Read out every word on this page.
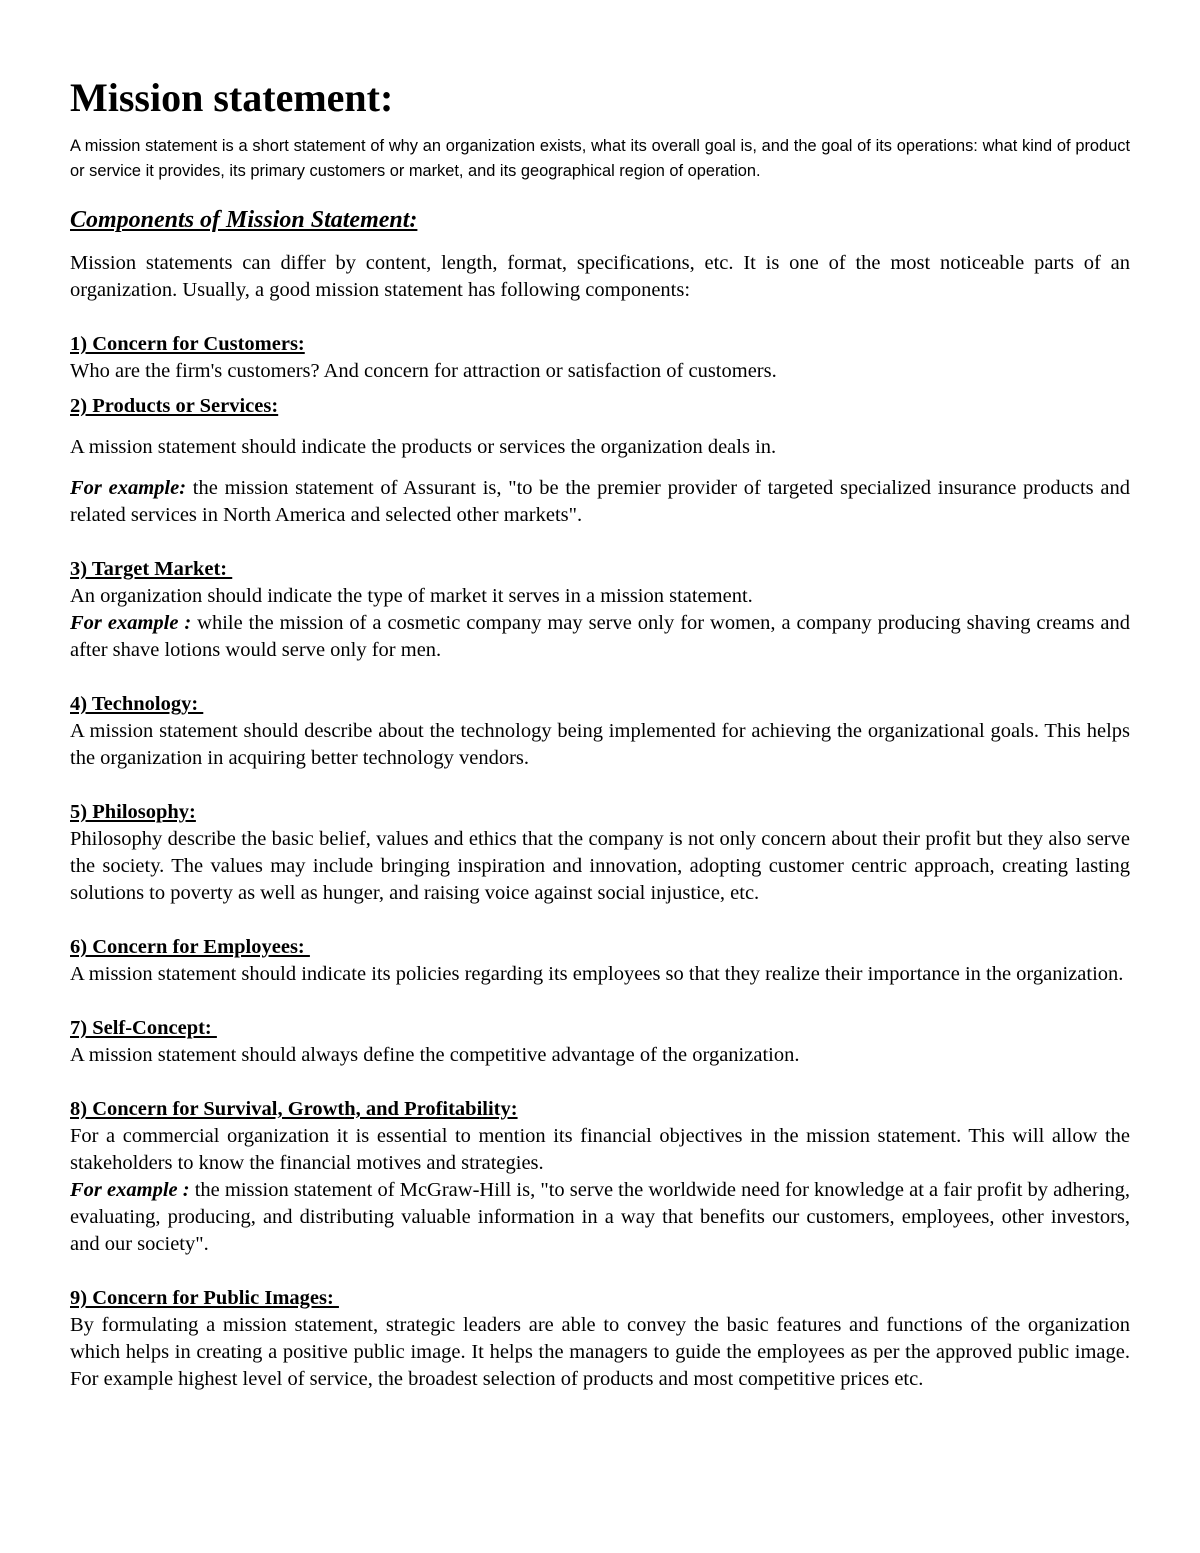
Mission statement:

A mission statement is a short statement of why an organization exists, what its overall goal is, and the goal of its operations: what kind of product or service it provides, its primary customers or market, and its geographical region of operation.

Components of Mission Statement:

Mission statements can differ by content, length, format, specifications, etc. It is one of the most noticeable parts of an organization. Usually, a good mission statement has following components:

1) Concern for Customers:

Who are the firm's customers? And concern for attraction or satisfaction of customers.

2) Products or Services:

A mission statement should indicate the products or services the organization deals in.

For example: the mission statement of Assurant is, "to be the premier provider of targeted specialized insurance products and related services in North America and selected other markets".

3) Target Market:

An organization should indicate the type of market it serves in a mission statement.

For example : while the mission of a cosmetic company may serve only for women, a company producing shaving creams and after shave lotions would serve only for men.

4) Technology:

A mission statement should describe about the technology being implemented for achieving the organizational goals. This helps the organization in acquiring better technology vendors.

5) Philosophy:

Philosophy describe the basic belief, values and ethics that the company is not only concern about their profit but they also serve the society. The values may include bringing inspiration and innovation, adopting customer centric approach, creating lasting solutions to poverty as well as hunger, and raising voice against social injustice, etc.

6) Concern for Employees:

A mission statement should indicate its policies regarding its employees so that they realize their importance in the organization.

7) Self-Concept:

A mission statement should always define the competitive advantage of the organization.

8) Concern for Survival, Growth, and Profitability:

For a commercial organization it is essential to mention its financial objectives in the mission statement. This will allow the stakeholders to know the financial motives and strategies.

For example : the mission statement of McGraw-Hill is, "to serve the worldwide need for knowledge at a fair profit by adhering, evaluating, producing, and distributing valuable information in a way that benefits our customers, employees, other investors, and our society".

9) Concern for Public Images:

By formulating a mission statement, strategic leaders are able to convey the basic features and functions of the organization which helps in creating a positive public image. It helps the managers to guide the employees as per the approved public image. For example highest level of service, the broadest selection of products and most competitive prices etc.
